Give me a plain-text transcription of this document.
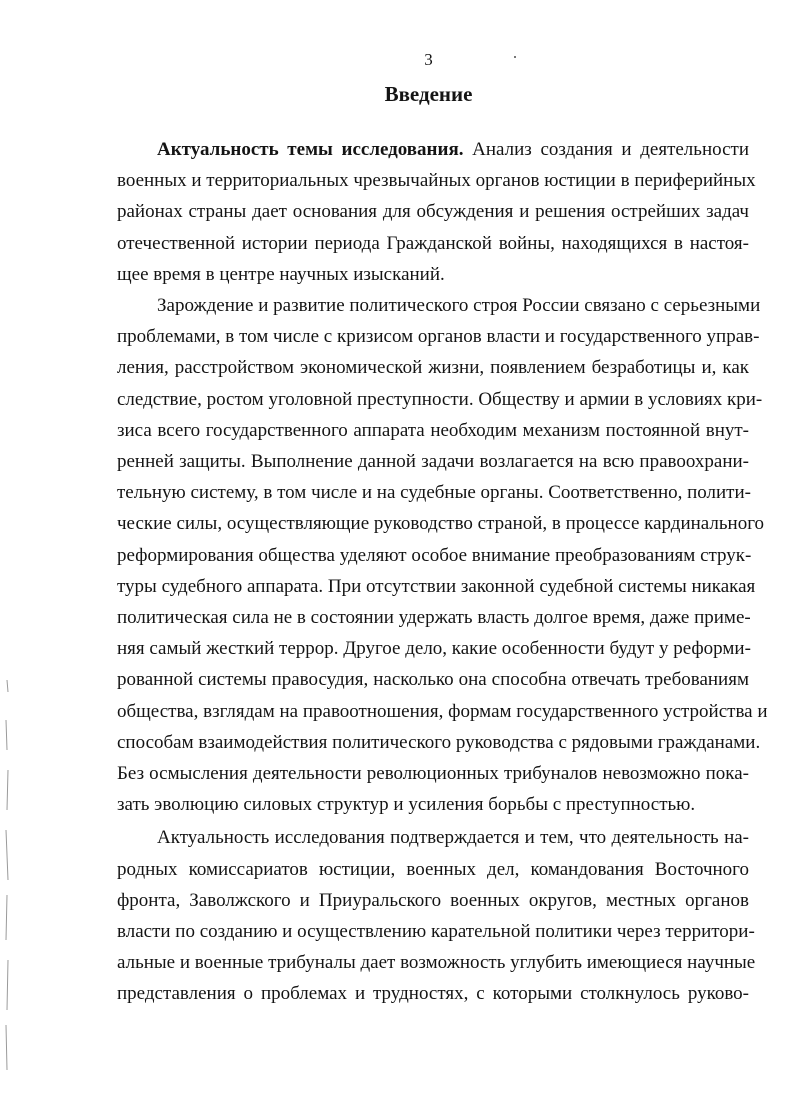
3
Введение
Актуальность темы исследования. Анализ создания и деятельности
военных и территориальных чрезвычайных органов юстиции в периферийных
районах страны дает основания для обсуждения и решения острейших задач
отечественной истории периода Гражданской войны, находящихся в настоя-
щее время в центре научных изысканий.
Зарождение и развитие политического строя России связано с серьезными
проблемами, в том числе с кризисом органов власти и государственного управ-
ления, расстройством экономической жизни, появлением безработицы и, как
следствие, ростом уголовной преступности. Обществу и армии в условиях кри-
зиса всего государственного аппарата необходим механизм постоянной внут-
ренней защиты. Выполнение данной задачи возлагается на всю правоохрани-
тельную систему, в том числе и на судебные органы. Соответственно, полити-
ческие силы, осуществляющие руководство страной, в процессе кардинального
реформирования общества уделяют особое внимание преобразованиям струк-
туры судебного аппарата. При отсутствии законной судебной системы никакая
политическая сила не в состоянии удержать власть долгое время, даже приме-
няя самый жесткий террор. Другое дело, какие особенности будут у реформи-
рованной системы правосудия, насколько она способна отвечать требованиям
общества, взглядам на правоотношения, формам государственного устройства и
способам взаимодействия политического руководства с рядовыми гражданами.
Без осмысления деятельности революционных трибуналов невозможно пока-
зать эволюцию силовых структур и усиления борьбы с преступностью.
Актуальность исследования подтверждается и тем, что деятельность на-
родных комиссариатов юстиции, военных дел, командования Восточного
фронта, Заволжского и Приуральского военных округов, местных органов
власти по созданию и осуществлению карательной политики через территори-
альные и военные трибуналы дает возможность углубить имеющиеся научные
представления о проблемах и трудностях, с которыми столкнулось руково-
